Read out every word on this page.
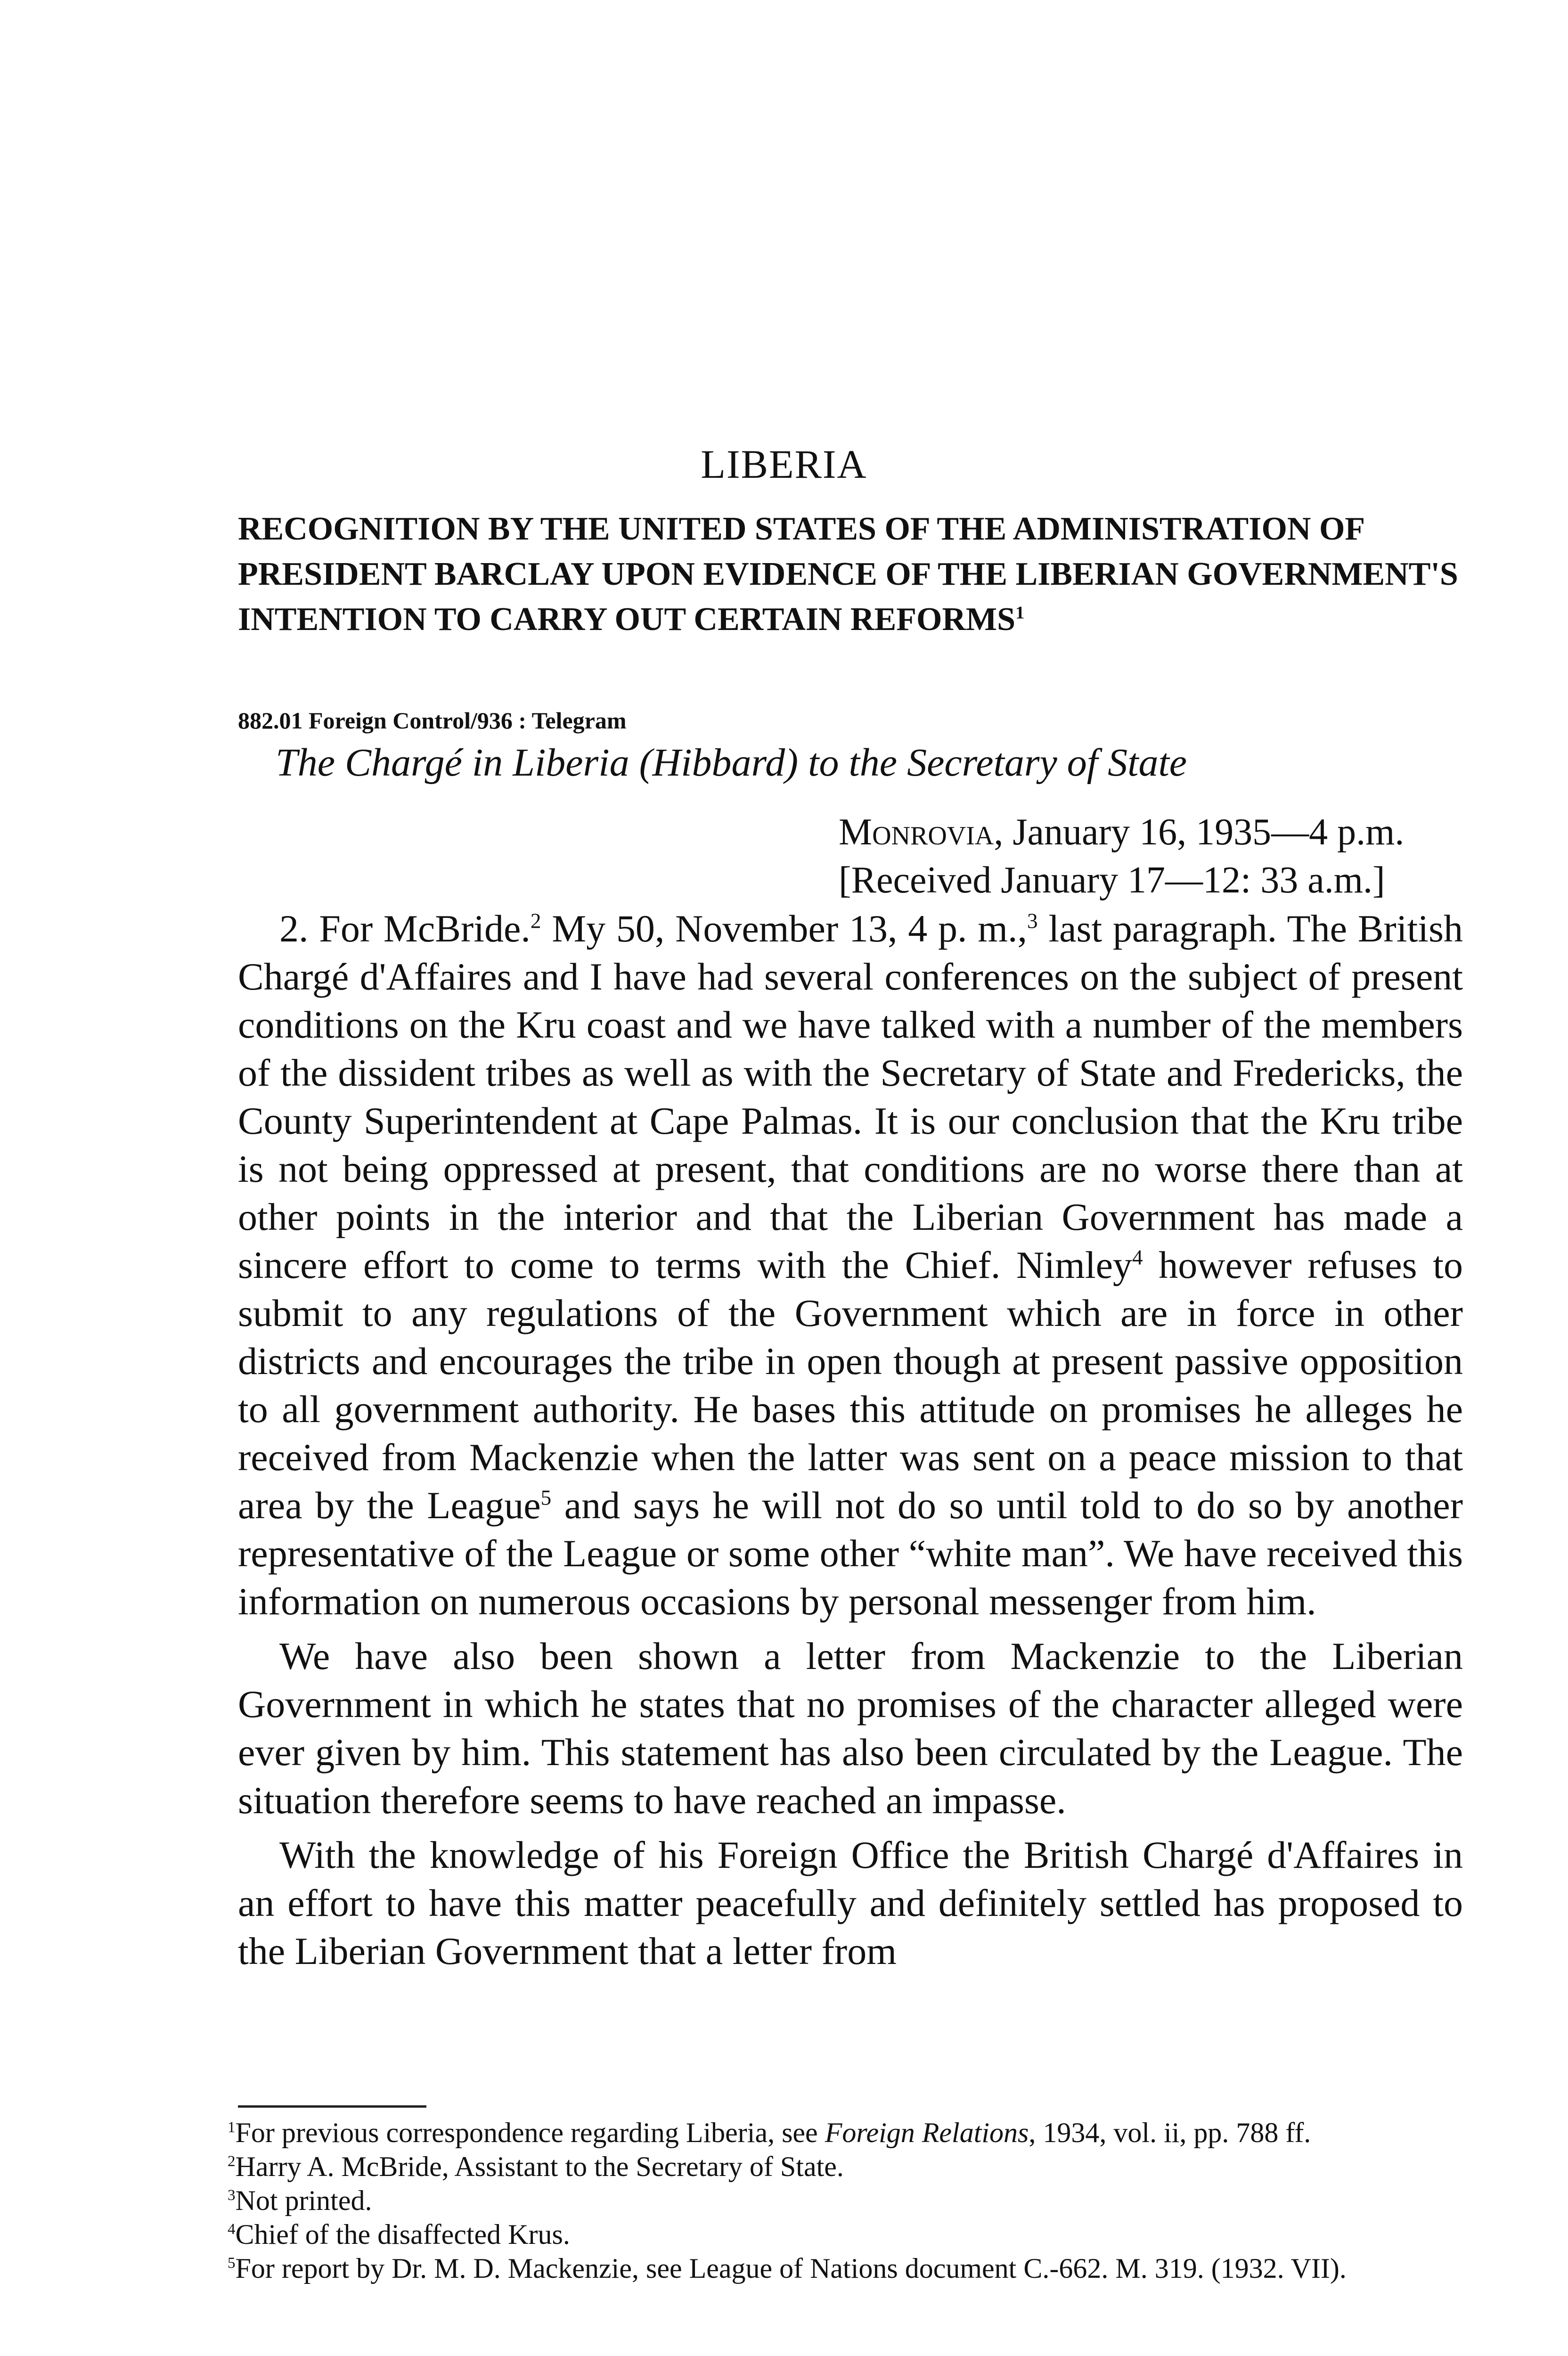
LIBERIA
RECOGNITION BY THE UNITED STATES OF THE ADMINISTRATION OF PRESIDENT BARCLAY UPON EVIDENCE OF THE LIBERIAN GOVERNMENT'S INTENTION TO CARRY OUT CERTAIN REFORMS$^1$
882.01 Foreign Control/936 : Telegram
The Chargé in Liberia (Hibbard) to the Secretary of State
Monrovia, January 16, 1935—4 p.m.
[Received January 17—12: 33 a.m.]

2. For McBride.$^2$ My 50, November 13, 4 p. m.,$^3$ last paragraph. The British Chargé d'Affaires and I have had several conferences on the subject of present conditions on the Kru coast and we have talked with a number of the members of the dissident tribes as well as with the Secretary of State and Fredericks, the County Superintendent at Cape Palmas. It is our conclusion that the Kru tribe is not being oppressed at present, that conditions are no worse there than at other points in the interior and that the Liberian Government has made a sincere effort to come to terms with the Chief. Nimley$^4$ however refuses to submit to any regulations of the Government which are in force in other districts and encourages the tribe in open though at present passive opposition to all government authority. He bases this attitude on promises he alleges he received from Mackenzie when the latter was sent on a peace mission to that area by the League$^5$ and says he will not do so until told to do so by another representative of the League or some other “white man”. We have received this information on numerous occasions by personal messenger from him.

We have also been shown a letter from Mackenzie to the Liberian Government in which he states that no promises of the character alleged were ever given by him. This statement has also been circulated by the League. The situation therefore seems to have reached an impasse.

With the knowledge of his Foreign Office the British Chargé d'Affaires in an effort to have this matter peacefully and definitely settled has proposed to the Liberian Government that a letter from

$^1$For previous correspondence regarding Liberia, see Foreign Relations, 1934, vol. ii, pp. 788 ff.

$^2$Harry A. McBride, Assistant to the Secretary of State.

$^3$Not printed.

$^4$Chief of the disaffected Krus.

$^5$For report by Dr. M. D. Mackenzie, see League of Nations document C.-662. M. 319. (1932. VII).
